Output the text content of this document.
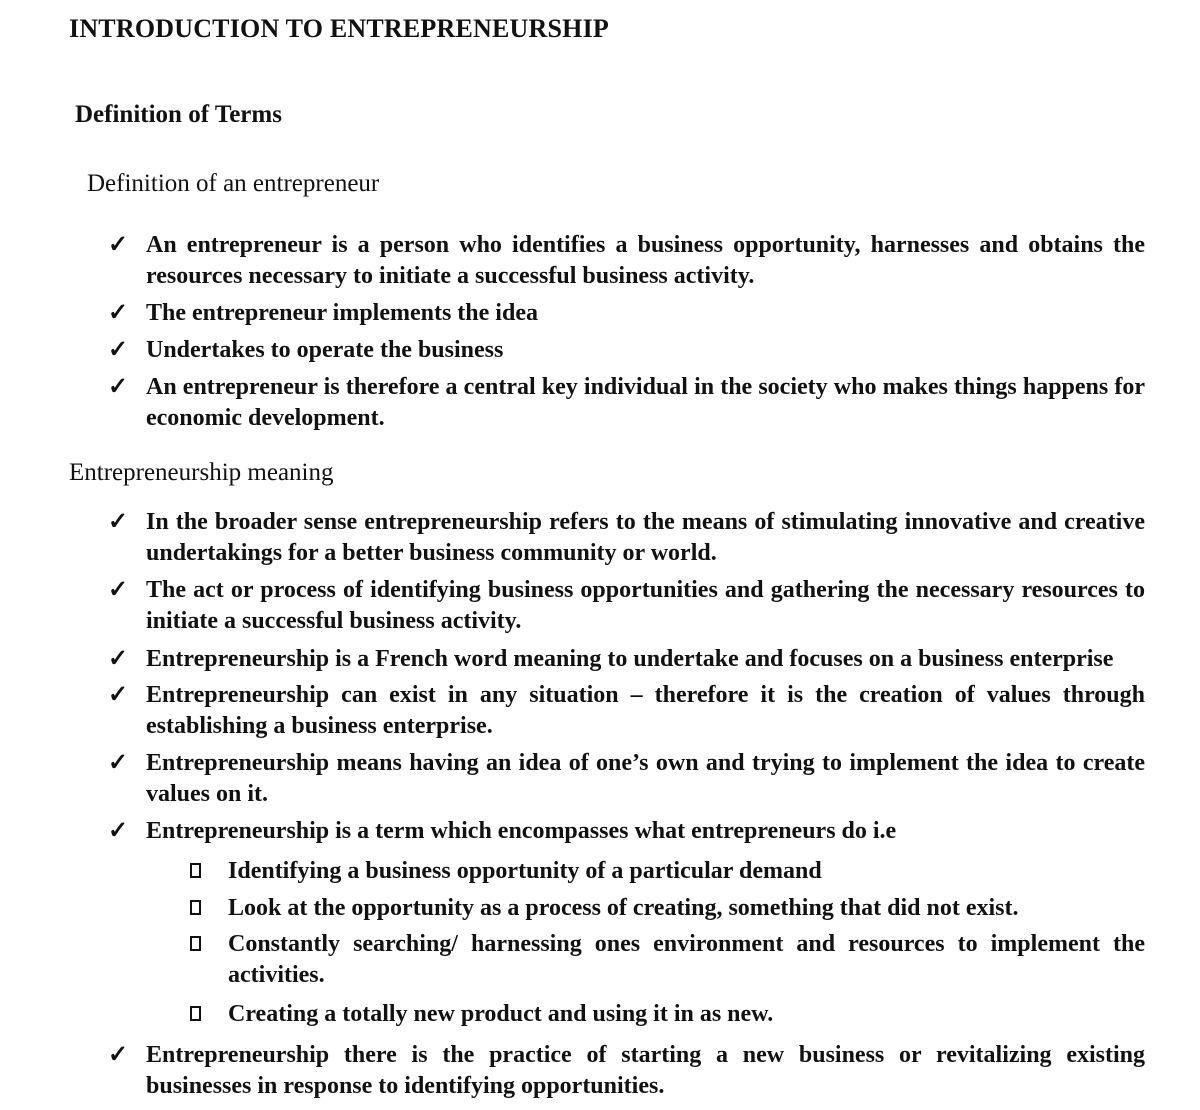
INTRODUCTION TO ENTREPRENEURSHIP
Definition of Terms
Definition of an entrepreneur
✓ An entrepreneur is a person who identifies a business opportunity, harnesses and obtains the resources necessary to initiate a successful business activity.
✓ The entrepreneur implements the idea
✓ Undertakes to operate the business
✓ An entrepreneur is therefore a central key individual in the society who makes things happens for economic development.
Entrepreneurship meaning
✓ In the broader sense entrepreneurship refers to the means of stimulating innovative and creative undertakings for a better business community or world.
✓ The act or process of identifying business opportunities and gathering the necessary resources to initiate a successful business activity.
✓ Entrepreneurship is a French word meaning to undertake and focuses on a business enterprise
✓ Entrepreneurship can exist in any situation – therefore it is the creation of values through establishing a business enterprise.
✓ Entrepreneurship means having an idea of one’s own and trying to implement the idea to create values on it.
✓ Entrepreneurship is a term which encompasses what entrepreneurs do i.e
Identifying a business opportunity of a particular demand
Look at the opportunity as a process of creating, something that did not exist.
Constantly searching/ harnessing ones environment and resources to implement the activities.
Creating a totally new product and using it in as new.
✓ Entrepreneurship there is the practice of starting a new business or revitalizing existing businesses in response to identifying opportunities.
